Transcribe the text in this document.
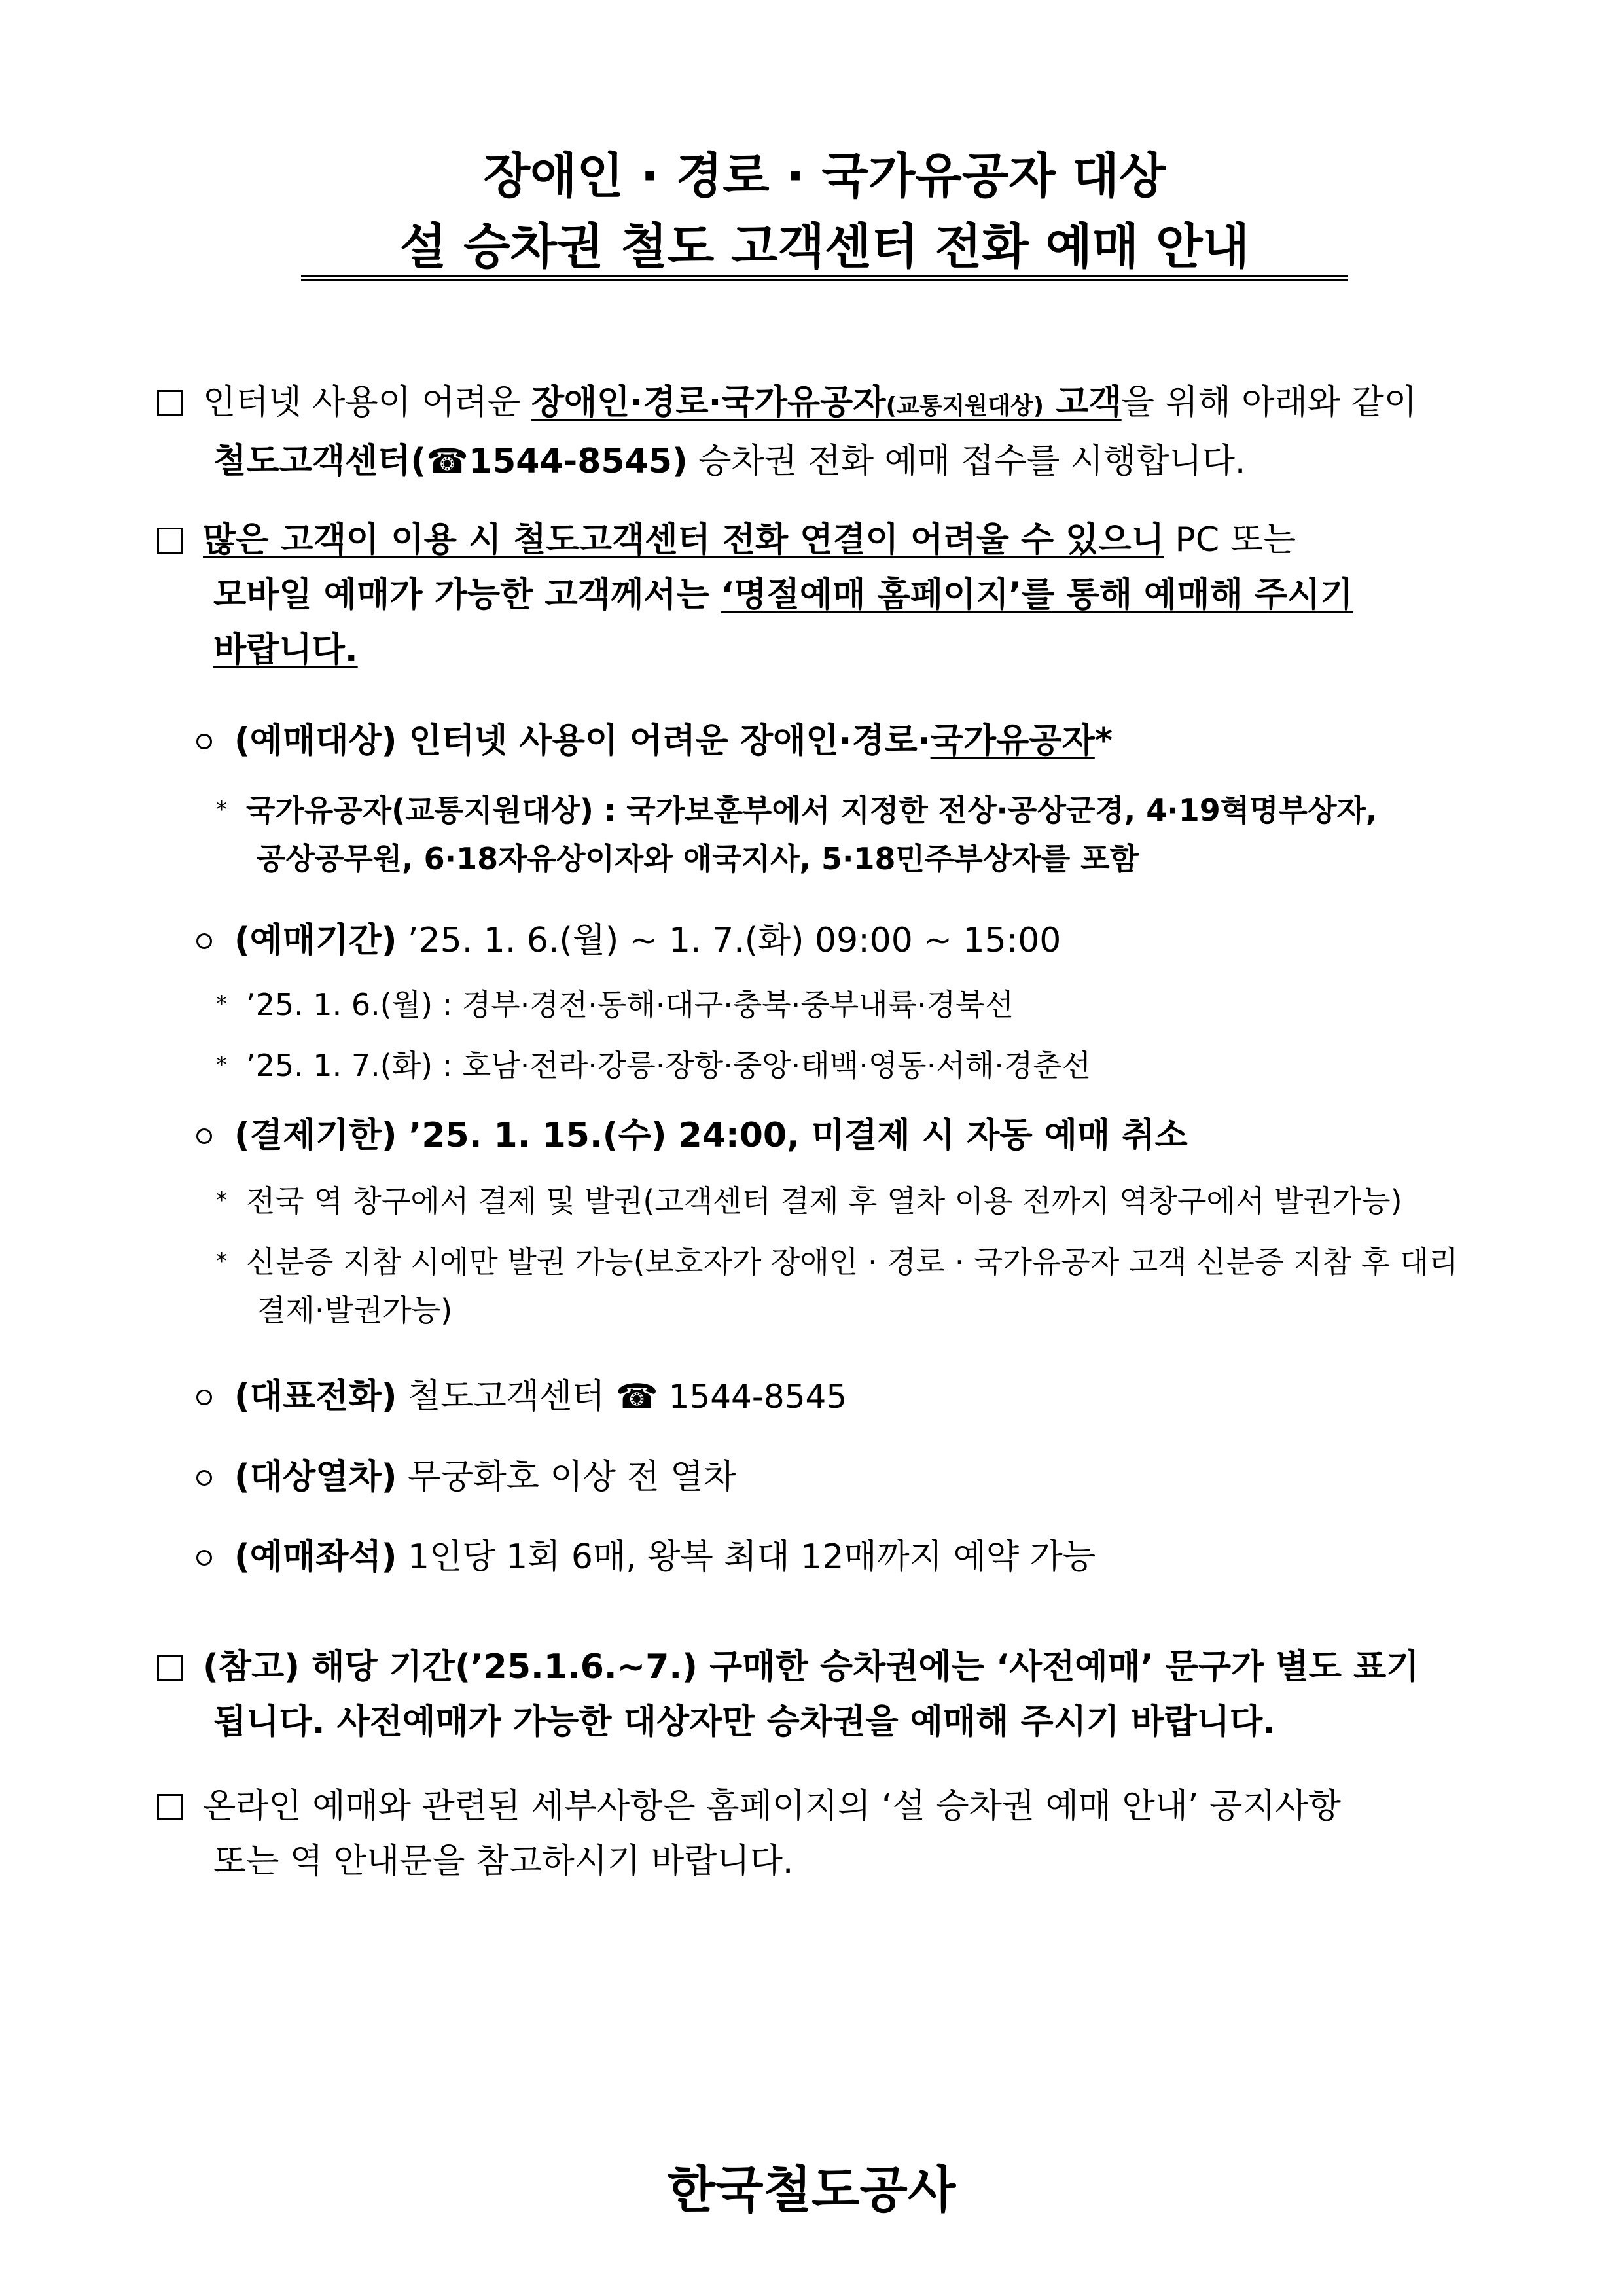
장애인 · 경로 · 국가유공자 대상

설 승차권 철도 고객센터 전화 예매 안내

인터넷 사용이 어려운 장애인·경로·국가유공자(교통지원대상) 고객을 위해 아래와 같이
철도고객센터(☎1544-8545) 승차권 전화 예매 접수를 시행합니다.
많은 고객이 이용 시 철도고객센터 전화 연결이 어려울 수 있으니 PC 또는
모바일 예매가 가능한 고객께서는 ‘명절예매 홈페이지’를 통해 예매해 주시기
바랍니다.
(예매대상) 인터넷 사용이 어려운 장애인·경로·국가유공자*
* 국가유공자(교통지원대상) : 국가보훈부에서 지정한 전상·공상군경, 4·19혁명부상자,
공상공무원, 6·18자유상이자와 애국지사, 5·18민주부상자를 포함
(예매기간) ’25. 1. 6.(월) ~ 1. 7.(화) 09:00 ~ 15:00
* ’25. 1. 6.(월) : 경부·경전·동해·대구·충북·중부내륙·경북선
* ’25. 1. 7.(화) : 호남·전라·강릉·장항·중앙·태백·영동·서해·경춘선
(결제기한) ’25. 1. 15.(수) 24:00, 미결제 시 자동 예매 취소
* 전국 역 창구에서 결제 및 발권(고객센터 결제 후 열차 이용 전까지 역창구에서 발권가능)
* 신분증 지참 시에만 발권 가능(보호자가 장애인 · 경로 · 국가유공자 고객 신분증 지참 후 대리
결제·발권가능)
(대표전화) 철도고객센터 ☎ 1544-8545
(대상열차) 무궁화호 이상 전 열차
(예매좌석) 1인당 1회 6매, 왕복 최대 12매까지 예약 가능
(참고) 해당 기간(’25.1.6.~7.) 구매한 승차권에는 ‘사전예매’ 문구가 별도 표기
됩니다. 사전예매가 가능한 대상자만 승차권을 예매해 주시기 바랍니다.
온라인 예매와 관련된 세부사항은 홈페이지의 ‘설 승차권 예매 안내’ 공지사항
또는 역 안내문을 참고하시기 바랍니다.
한국철도공사
